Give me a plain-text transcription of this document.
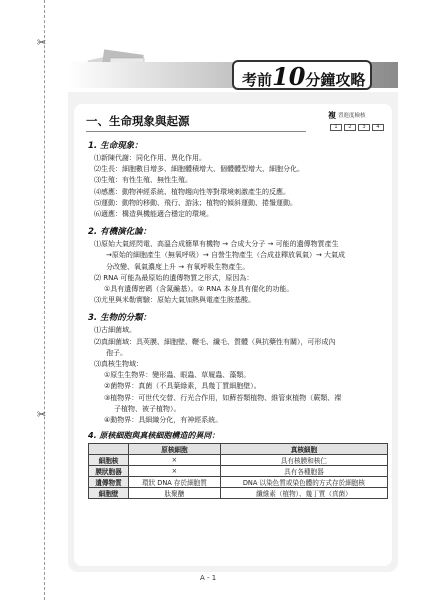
✂
✂
考前10分鐘攻略
一、生命現象與起源	複 習進度檢核
1	2	3	4
1. 生命現象：
⑴新陳代謝：同化作用、異化作用。
⑵生長：細胞數目增多、細胞體積增大、個體體型增大、細胞分化。
⑶生殖：有性生殖、無性生殖。
⑷感應：動物神經系統、植物趨向性等對環境刺激產生的反應。
⑸運動：動物的移動、飛行、游泳；植物的傾斜運動、捲鬚運動。
⑹適應：構造與機能適合穩定的環境。
2. 有機演化論：
⑴原始大氣經閃電、高溫合成簡單有機物 → 合成大分子 → 可能的遺傳物質產生
→原始的細胞產生（無氧呼吸）→ 自營生物產生（合成並釋放氧氣）→ 大氣成
分改變、氧氣濃度上升 → 有氧呼吸生物產生。
⑵ RNA 可能為最原始的遺傳物質之形式，原因為：
①具有遺傳密碼（含氮鹼基）。② RNA 本身具有催化的功能。
⑶尤里與米勒實驗：原始大氣加熱與電產生胺基酸。
3. 生物的分類：
⑴古細菌域。
⑵真細菌域：具莢膜、細胞壁、鞭毛、纖毛、質體（與抗藥性有關），可形成內
孢子。
⑶真核生物域：
①原生生物界：變形蟲、眼蟲、草履蟲、藻類。
②菌物界：真菌（不具葉綠素，具幾丁質細胞壁）。
③植物界：可世代交替、行光合作用，如蘚苔類植物、維管束植物（蕨類、裸
子植物、被子植物）。
④動物界：具細織分化，有神經系統。
4. 原核細胞與真核細胞構造的異同：
	原核細胞	真核細胞
細胞核	×	具有核膜和核仁
膜狀胞器	×	具有各種胞器
遺傳物質	環狀 DNA 存於細胞質	DNA 以染色質或染色體的方式存於細胞核
細胞壁	肽聚醣	纖維素（植物）、幾丁質（真菌）
A - 1
